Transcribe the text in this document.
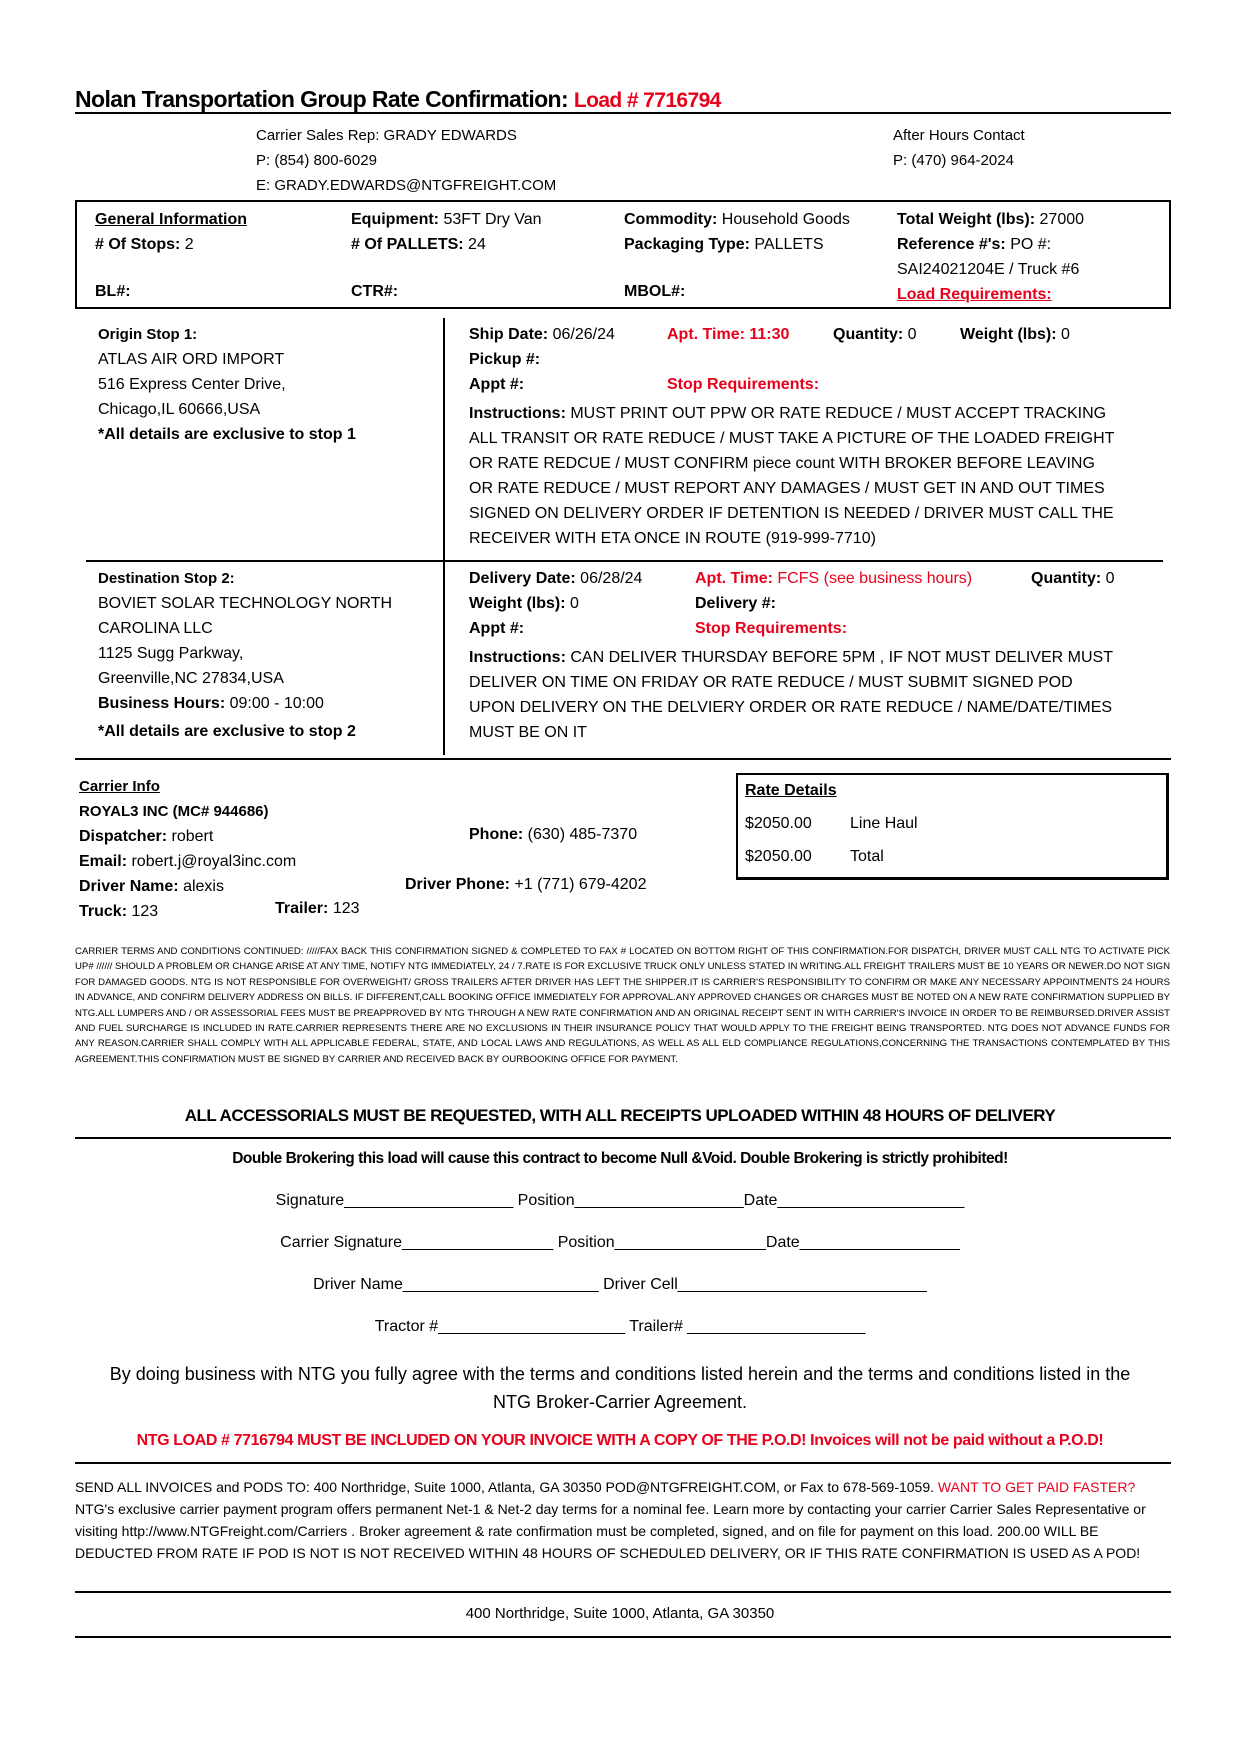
Nolan Transportation Group Rate Confirmation: Load # 7716794
Carrier Sales Rep: GRADY EDWARDS
P: (854) 800-6029
E: GRADY.EDWARDS@NTGFREIGHT.COM
After Hours Contact
P: (470) 964-2024
General Information
# Of Stops: 2
BL#:
Equipment: 53FT Dry Van
# Of PALLETS: 24
CTR#:
Commodity: Household Goods
Packaging Type: PALLETS
MBOL#:
Total Weight (lbs): 27000
Reference #'s: PO #:
SAI24021204E / Truck #6
Load Requirements:
Origin Stop 1:
ATLAS AIR ORD IMPORT
516 Express Center Drive,
Chicago,IL 60666,USA
*All details are exclusive to stop 1
Ship Date: 06/26/24	Apt. Time: 11:30	Quantity: 0	Weight (lbs): 0
Pickup #:
Appt #:	Stop Requirements:
Instructions: MUST PRINT OUT PPW OR RATE REDUCE / MUST ACCEPT TRACKING
ALL TRANSIT OR RATE REDUCE / MUST TAKE A PICTURE OF THE LOADED FREIGHT
OR RATE REDCUE / MUST CONFIRM piece count WITH BROKER BEFORE LEAVING
OR RATE REDUCE / MUST REPORT ANY DAMAGES / MUST GET IN AND OUT TIMES
SIGNED ON DELIVERY ORDER IF DETENTION IS NEEDED / DRIVER MUST CALL THE
RECEIVER WITH ETA ONCE IN ROUTE (919-999-7710)
Destination Stop 2:
BOVIET SOLAR TECHNOLOGY NORTH
CAROLINA LLC
1125 Sugg Parkway,
Greenville,NC 27834,USA
Business Hours: 09:00 - 10:00
*All details are exclusive to stop 2
Delivery Date: 06/28/24	Apt. Time: FCFS (see business hours)	Quantity: 0
Weight (lbs): 0	Delivery #:
Appt #:	Stop Requirements:
Instructions: CAN DELIVER THURSDAY BEFORE 5PM , IF NOT MUST DELIVER MUST
DELIVER ON TIME ON FRIDAY OR RATE REDUCE / MUST SUBMIT SIGNED POD
UPON DELIVERY ON THE DELVIERY ORDER OR RATE REDUCE / NAME/DATE/TIMES
MUST BE ON IT
Carrier Info
ROYAL3 INC (MC# 944686)
Dispatcher: robert
Email: robert.j@royal3inc.com
Driver Name: alexis
Truck: 123
Phone: (630) 485-7370
Driver Phone: +1 (771) 679-4202
Trailer: 123
Rate Details
$2050.00 Line Haul
$2050.00 Total
CARRIER TERMS AND CONDITIONS CONTINUED: /////FAX BACK THIS CONFIRMATION SIGNED & COMPLETED TO FAX # LOCATED ON BOTTOM RIGHT OF THIS CONFIRMATION.FOR DISPATCH, DRIVER MUST CALL NTG TO ACTIVATE PICK UP# ////// SHOULD A PROBLEM OR CHANGE ARISE AT ANY TIME, NOTIFY NTG IMMEDIATELY, 24 / 7.RATE IS FOR EXCLUSIVE TRUCK ONLY UNLESS STATED IN WRITING.ALL FREIGHT TRAILERS MUST BE 10 YEARS OR NEWER.DO NOT SIGN FOR DAMAGED GOODS. NTG IS NOT RESPONSIBLE FOR OVERWEIGHT/ GROSS TRAILERS AFTER DRIVER HAS LEFT THE SHIPPER.IT IS CARRIER'S RESPONSIBILITY TO CONFIRM OR MAKE ANY NECESSARY APPOINTMENTS 24 HOURS IN ADVANCE, AND CONFIRM DELIVERY ADDRESS ON BILLS. IF DIFFERENT,CALL BOOKING OFFICE IMMEDIATELY FOR APPROVAL.ANY APPROVED CHANGES OR CHARGES MUST BE NOTED ON A NEW RATE CONFIRMATION SUPPLIED BY NTG.ALL LUMPERS AND / OR ASSESSORIAL FEES MUST BE PREAPPROVED BY NTG THROUGH A NEW RATE CONFIRMATION AND AN ORIGINAL RECEIPT SENT IN WITH CARRIER'S INVOICE IN ORDER TO BE REIMBURSED.DRIVER ASSIST AND FUEL SURCHARGE IS INCLUDED IN RATE.CARRIER REPRESENTS THERE ARE NO EXCLUSIONS IN THEIR INSURANCE POLICY THAT WOULD APPLY TO THE FREIGHT BEING TRANSPORTED. NTG DOES NOT ADVANCE FUNDS FOR ANY REASON.CARRIER SHALL COMPLY WITH ALL APPLICABLE FEDERAL, STATE, AND LOCAL LAWS AND REGULATIONS, AS WELL AS ALL ELD COMPLIANCE REGULATIONS,CONCERNING THE TRANSACTIONS CONTEMPLATED BY THIS AGREEMENT.THIS CONFIRMATION MUST BE SIGNED BY CARRIER AND RECEIVED BACK BY OURBOOKING OFFICE FOR PAYMENT.
ALL ACCESSORIALS MUST BE REQUESTED, WITH ALL RECEIPTS UPLOADED WITHIN 48 HOURS OF DELIVERY
Double Brokering this load will cause this contract to become Null &Void. Double Brokering is strictly prohibited!
Signature___________________ Position___________________Date_____________________
Carrier Signature_________________ Position_________________Date__________________
Driver Name______________________ Driver Cell____________________________
Tractor #_____________________ Trailer# ____________________
By doing business with NTG you fully agree with the terms and conditions listed herein and the terms and conditions listed in the
NTG Broker-Carrier Agreement.
NTG LOAD # 7716794 MUST BE INCLUDED ON YOUR INVOICE WITH A COPY OF THE P.O.D! Invoices will not be paid without a P.O.D!
SEND ALL INVOICES and PODS TO: 400 Northridge, Suite 1000, Atlanta, GA 30350 POD@NTGFREIGHT.COM, or Fax to 678-569-1059. WANT TO GET PAID FASTER? NTG's exclusive carrier payment program offers permanent Net-1 & Net-2 day terms for a nominal fee. Learn more by contacting your carrier Carrier Sales Representative or visiting http://www.NTGFreight.com/Carriers . Broker agreement & rate confirmation must be completed, signed, and on file for payment on this load. 200.00 WILL BE DEDUCTED FROM RATE IF POD IS NOT IS NOT RECEIVED WITHIN 48 HOURS OF SCHEDULED DELIVERY, OR IF THIS RATE CONFIRMATION IS USED AS A POD!
400 Northridge, Suite 1000, Atlanta, GA 30350
